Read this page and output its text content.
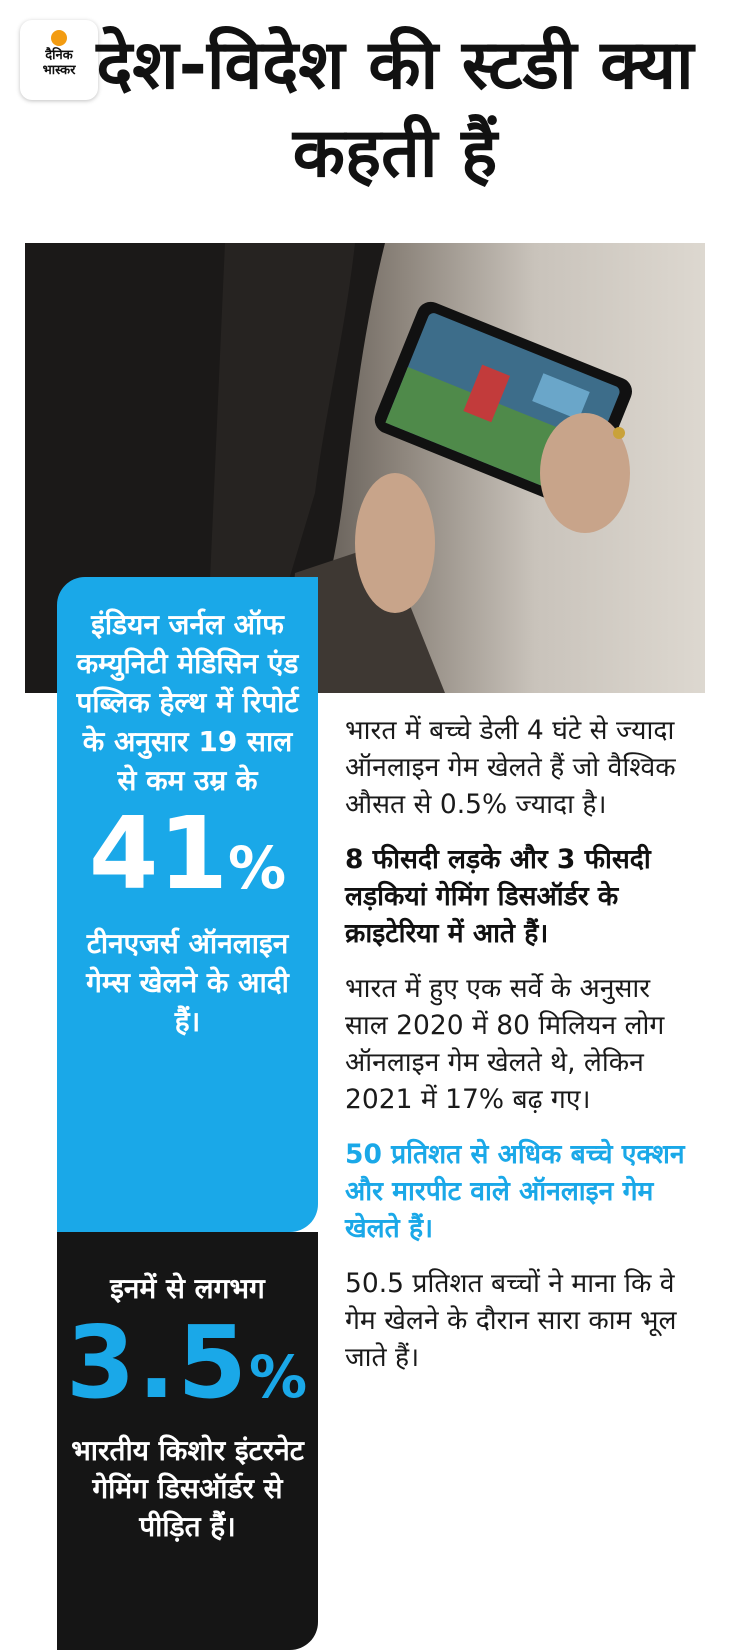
दैनिक
भास्कर देश-विदेश की स्टडी क्या कहती हैं
इंडियन जर्नल ऑफ कम्युनिटी मेडिसिन एंड पब्लिक हेल्थ में रिपोर्ट के अनुसार 19 साल से कम उम्र के
41%
टीनएजर्स ऑनलाइन गेम्स खेलने के आदी हैं।
इनमें से लगभग
3.5%
भारतीय किशोर इंटरनेट गेमिंग डिसऑर्डर से पीड़ित हैं।

भारत में बच्चे डेली 4 घंटे से ज्यादा ऑनलाइन गेम खेलते हैं जो वैश्विक औसत से 0.5% ज्यादा है।

8 फीसदी लड़के और 3 फीसदी लड़कियां गेमिंग डिसऑर्डर के क्राइटेरिया में आते हैं।

भारत में हुए एक सर्वे के अनुसार साल 2020 में 80 मिलियन लोग ऑनलाइन गेम खेलते थे, लेकिन 2021 में 17% बढ़ गए।

50 प्रतिशत से अधिक बच्चे एक्शन और मारपीट वाले ऑनलाइन गेम खेलते हैं।

50.5 प्रतिशत बच्चों ने माना कि वे गेम खेलने के दौरान सारा काम भूल जाते हैं।
